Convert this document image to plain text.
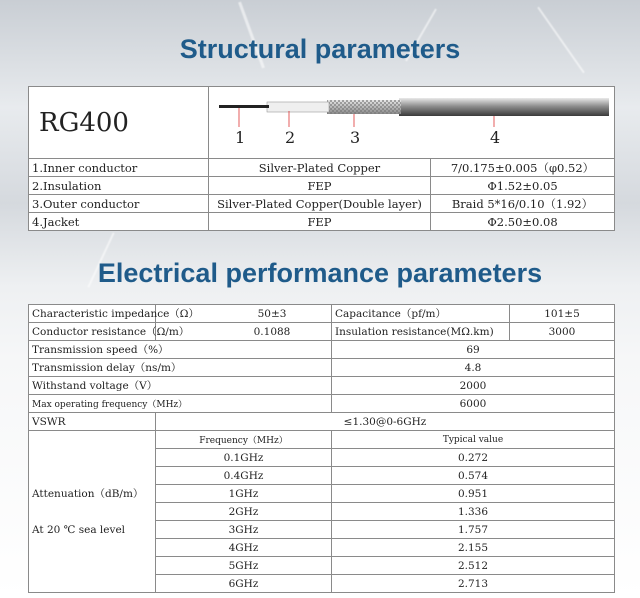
Structural parameters
RG400	1 2 3 4	

1.Inner conductor	Silver-Plated Copper	7/0.175±0.005（φ0.52）
2.Insulation	FEP	Φ1.52±0.05
3.Outer conductor	Silver-Plated Copper(Double layer)	Braid 5*16/0.10（1.92）
4.Jacket	FEP	Φ2.50±0.08
Electrical performance parameters
Characteristic impedance（Ω）	50±3	Capacitance（pf/m）	101±5
Conductor resistance（Ω/m）	0.1088	Insulation resistance(MΩ.km)	3000
Transmission speed（%）		69	
Transmission delay（ns/m）		4.8	
Withstand voltage（V）		2000	
Max operating frequency（MHz）		6000	
VSWR	≤1.30@0-6GHz		

Attenuation（dB/m）
At 20 ℃ sea level	Frequency（MHz）	Typical value	
	0.1GHz	0.272	
	0.4GHz	0.574	
	1GHz	0.951	
	2GHz	1.336	
	3GHz	1.757	
	4GHz	2.155	
	5GHz	2.512	
	6GHz	2.713	
